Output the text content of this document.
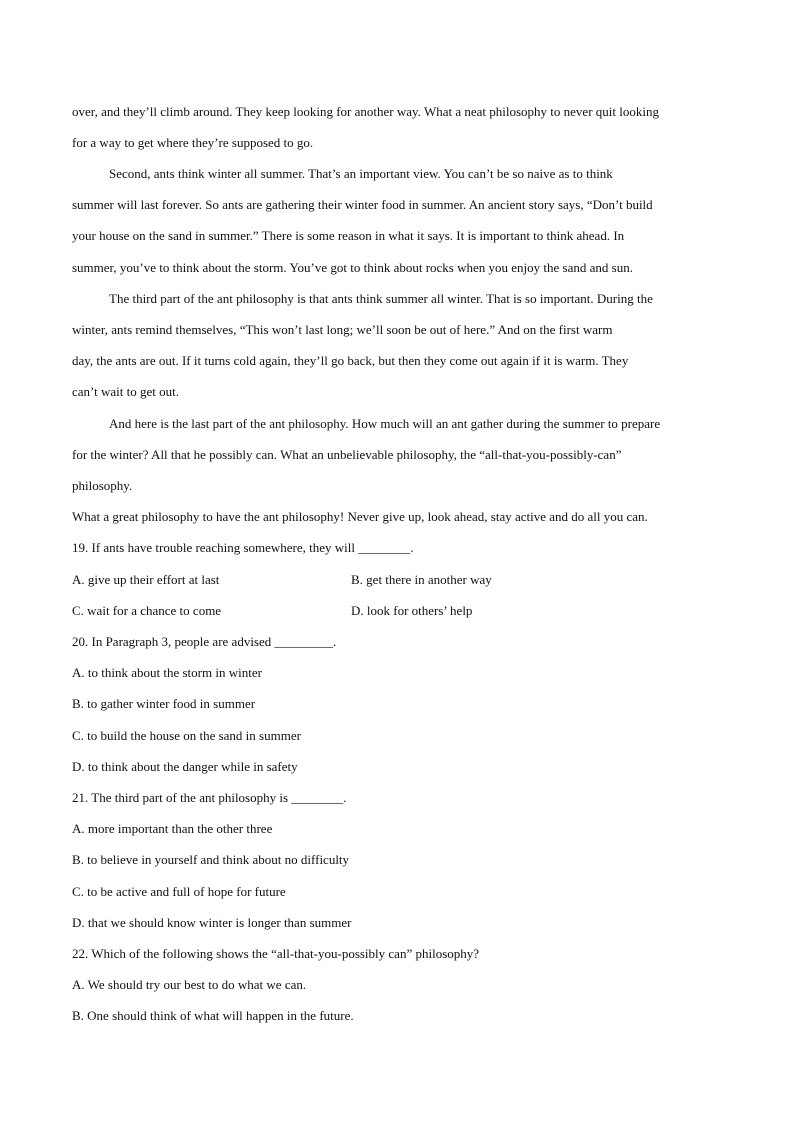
over, and they’ll climb around. They keep looking for another way. What a neat philosophy to never quit looking
for a way to get where they’re supposed to go.
Second, ants think winter all summer. That’s an important view. You can’t be so naive as to think
summer will last forever. So ants are gathering their winter food in summer. An ancient story says, “Don’t build
your house on the sand in summer.” There is some reason in what it says. It is important to think ahead. In
summer, you’ve to think about the storm. You’ve got to think about rocks when you enjoy the sand and sun.
The third part of the ant philosophy is that ants think summer all winter. That is so important. During the
winter, ants remind themselves, “This won’t last long; we’ll soon be out of here.” And on the first warm
day, the ants are out. If it turns cold again, they’ll go back, but then they come out again if it is warm. They
can’t wait to get out.
And here is the last part of the ant philosophy. How much will an ant gather during the summer to prepare
for the winter? All that he possibly can. What an unbelievable philosophy, the “all-that-you-possibly-can”
philosophy.
What a great philosophy to have the ant philosophy! Never give up, look ahead, stay active and do all you can.
19. If ants have trouble reaching somewhere, they will ________.
A. give up their effort at last	B. get there in another way
C. wait for a chance to come	D. look for others’ help
20. In Paragraph 3, people are advised _________.
A. to think about the storm in winter
B. to gather winter food in summer
C. to build the house on the sand in summer
D. to think about the danger while in safety
21. The third part of the ant philosophy is ________.
A. more important than the other three
B. to believe in yourself and think about no difficulty
C. to be active and full of hope for future
D. that we should know winter is longer than summer
22. Which of the following shows the “all-that-you-possibly can” philosophy?
A. We should try our best to do what we can.
B. One should think of what will happen in the future.
